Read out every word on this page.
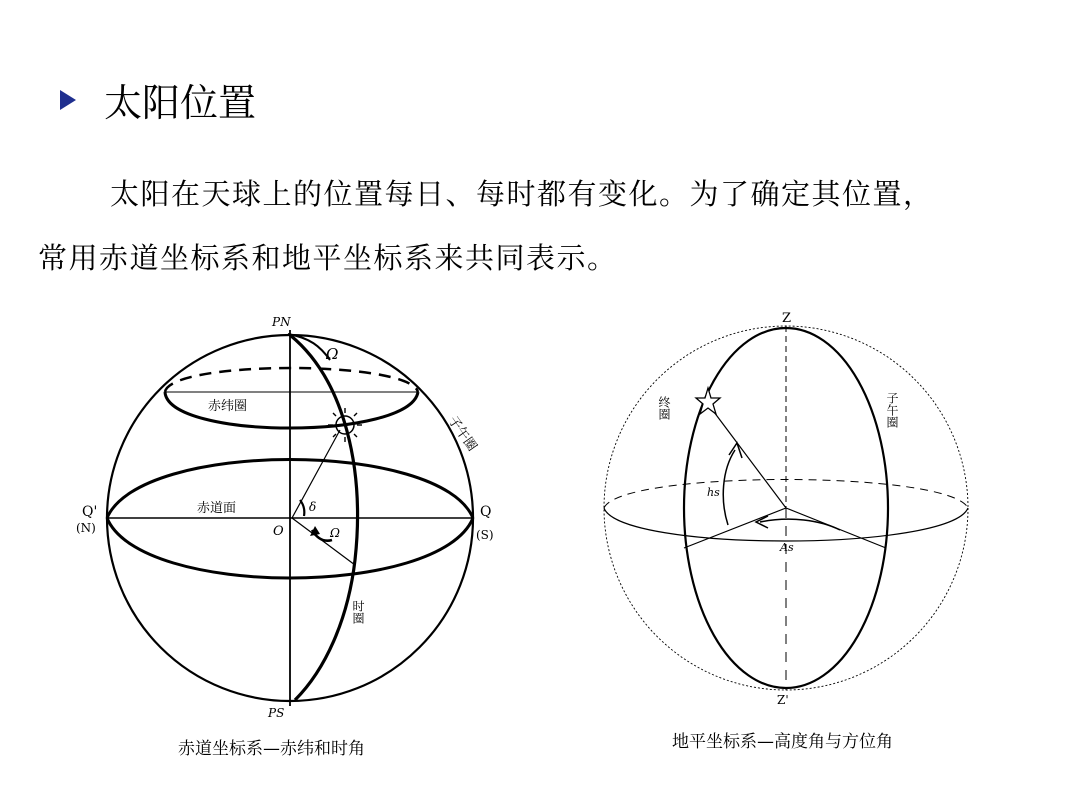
太阳位置
太阳在天球上的位置每日、每时都有变化。为了确定其位置，
常用赤道坐标系和地平坐标系来共同表示。
PN
Ω
赤纬圈
子午圈
赤道面	δ
O	Ω
Q'
(N)
Q
(S)
时圈
PS
赤道坐标系—赤纬和时角
Z
终圈	子午圈
hs
As
Z'
地平坐标系—高度角与方位角
